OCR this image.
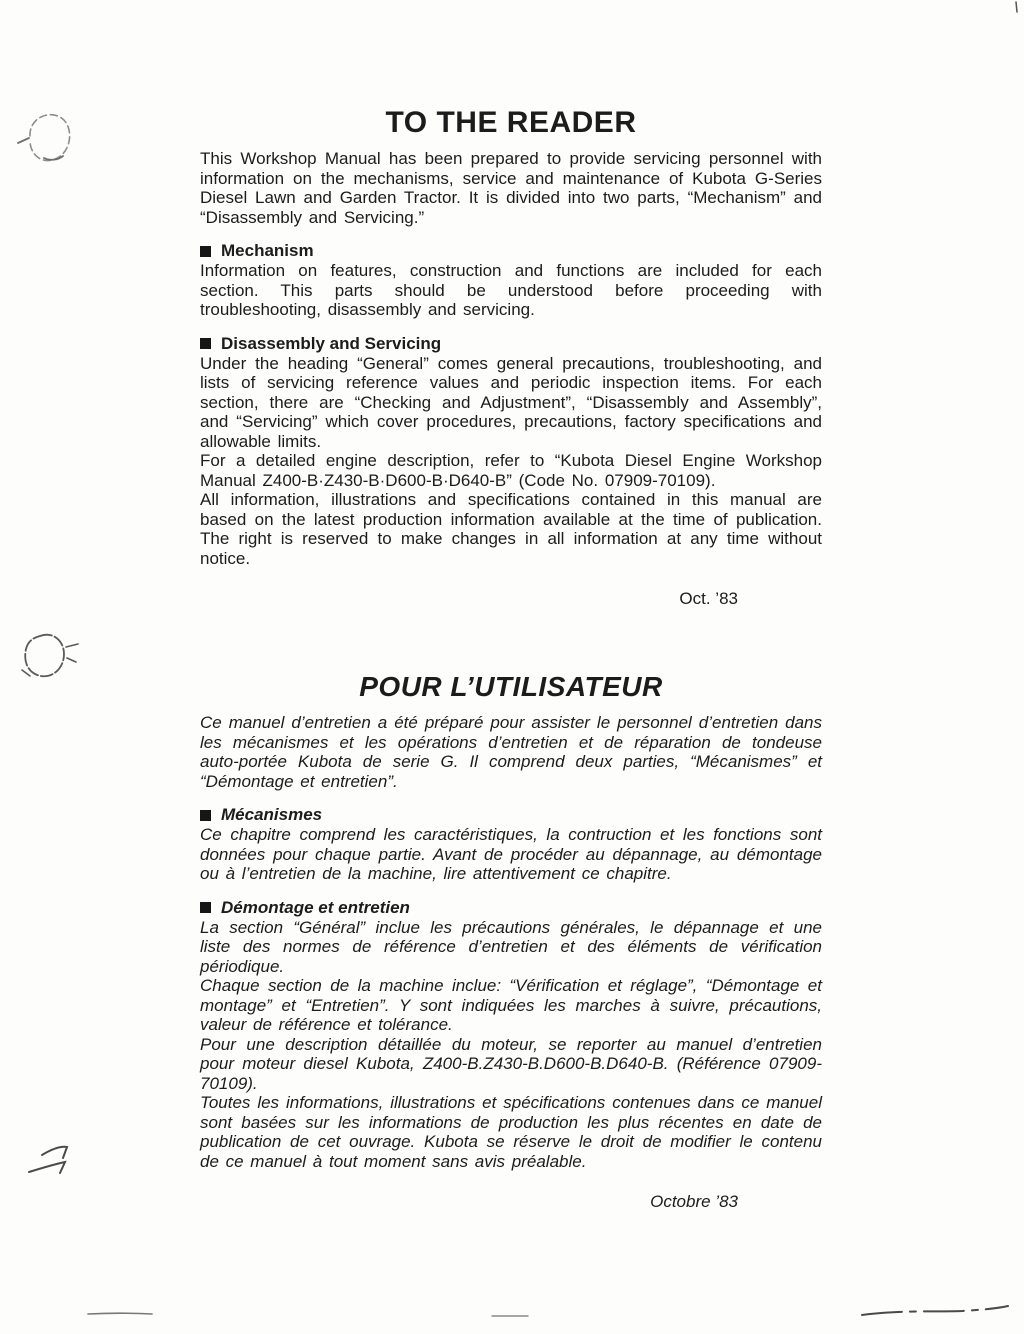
TO THE READER

This Workshop Manual has been prepared to provide servicing personnel with information on the mechanisms, service and maintenance of Kubota G-Series Diesel Lawn and Garden Tractor. It is divided into two parts, “Mechanism” and “Disassembly and Servicing.”

Mechanism

Information on features, construction and functions are included for each section. This parts should be understood before proceeding with troubleshooting, disassembly and servicing.

Disassembly and Servicing

Under the heading “General” comes general precautions, troubleshooting, and lists of servicing reference values and periodic inspection items. For each section, there are “Checking and Adjustment”, “Disassembly and Assembly”, and “Servicing” which cover procedures, precautions, factory specifications and allowable limits.

For a detailed engine description, refer to “Kubota Diesel Engine Workshop Manual Z400-B·Z430-B·D600-B·D640-B” (Code No. 07909-70109).

All information, illustrations and specifications contained in this manual are based on the latest production information available at the time of publication. The right is reserved to make changes in all information at any time without notice.

Oct. ’83
POUR L’UTILISATEUR

Ce manuel d’entretien a été préparé pour assister le personnel d’entretien dans les mécanismes et les opérations d’entretien et de réparation de tondeuse auto-portée Kubota de serie G. Il comprend deux parties, “Mécanismes” et “Démontage et entretien”.

Mécanismes

Ce chapitre comprend les caractéristiques, la contruction et les fonctions sont données pour chaque partie. Avant de procéder au dépannage, au démontage ou à l’entretien de la machine, lire attentivement ce chapitre.

Démontage et entretien

La section “Général” inclue les précautions générales, le dépannage et une liste des normes de référence d’entretien et des éléments de vérification périodique.

Chaque section de la machine inclue: “Vérification et réglage”, “Démontage et montage” et “Entretien”. Y sont indiquées les marches à suivre, précautions, valeur de référence et tolérance.

Pour une description détaillée du moteur, se reporter au manuel d’entretien pour moteur diesel Kubota, Z400-B.Z430-B.D600-B.D640-B. (Référence 07909-70109).

Toutes les informations, illustrations et spécifications contenues dans ce manuel sont basées sur les informations de production les plus récentes en date de publication de cet ouvrage. Kubota se réserve le droit de modifier le contenu de ce manuel à tout moment sans avis préalable.

Octobre ’83
